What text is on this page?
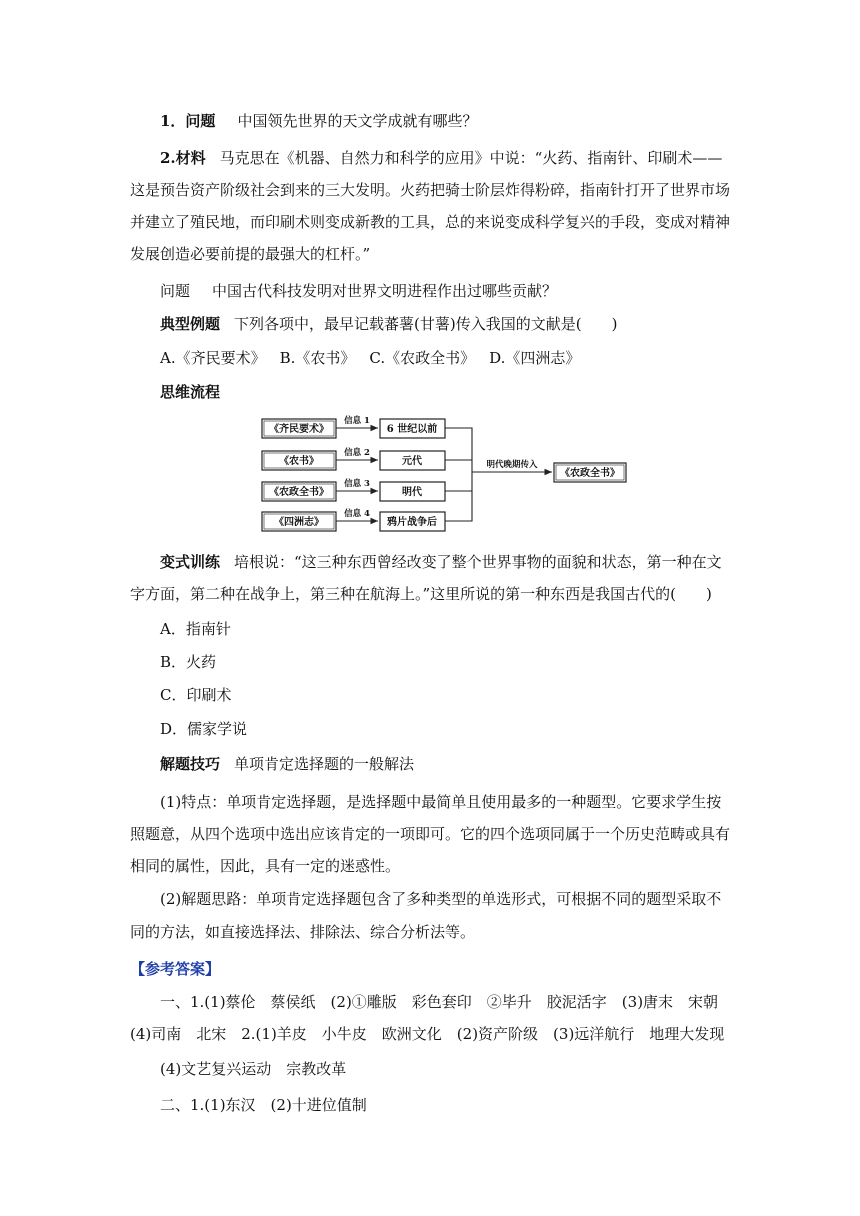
1．问题 中国领先世界的天文学成就有哪些？

2.材料 马克思在《机器、自然力和科学的应用》中说：“火药、指南针、印刷术——

这是预告资产阶级社会到来的三大发明。火药把骑士阶层炸得粉碎，指南针打开了世界市场

并建立了殖民地，而印刷术则变成新教的工具，总的来说变成科学复兴的手段，变成对精神

发展创造必要前提的最强大的杠杆。”

问题 中国古代科技发明对世界文明进程作出过哪些贡献？

典型例题 下列各项中，最早记载蕃薯(甘薯)传入我国的文献是(　　)

A.《齐民要术》 B.《农书》 C.《农政全书》 D.《四洲志》

思维流程

《齐民要术》
《农书》
《农政全书》
《四洲志》
信息 1
信息 2
信息 3
信息 4
6 世纪以前
元代
明代
鸦片战争后
明代晚期传入
《农政全书》

变式训练 培根说：“这三种东西曾经改变了整个世界事物的面貌和状态，第一种在文

字方面，第二种在战争上，第三种在航海上。”这里所说的第一种东西是我国古代的(　　)

A．指南针

B．火药

C．印刷术

D．儒家学说

解题技巧 单项肯定选择题的一般解法

(1)特点：单项肯定选择题，是选择题中最简单且使用最多的一种题型。它要求学生按

照题意，从四个选项中选出应该肯定的一项即可。它的四个选项同属于一个历史范畴或具有

相同的属性，因此，具有一定的迷惑性。

(2)解题思路：单项肯定选择题包含了多种类型的单选形式，可根据不同的题型采取不

同的方法，如直接选择法、排除法、综合分析法等。

【参考答案】

一、1.(1)蔡伦　蔡侯纸　(2)①雕版　彩色套印　②毕升　胶泥活字　(3)唐末　宋朝

(4)司南　北宋　2.(1)羊皮　小牛皮　欧洲文化　(2)资产阶级　(3)远洋航行　地理大发现

(4)文艺复兴运动　宗教改革

二、1.(1)东汉　(2)十进位值制
